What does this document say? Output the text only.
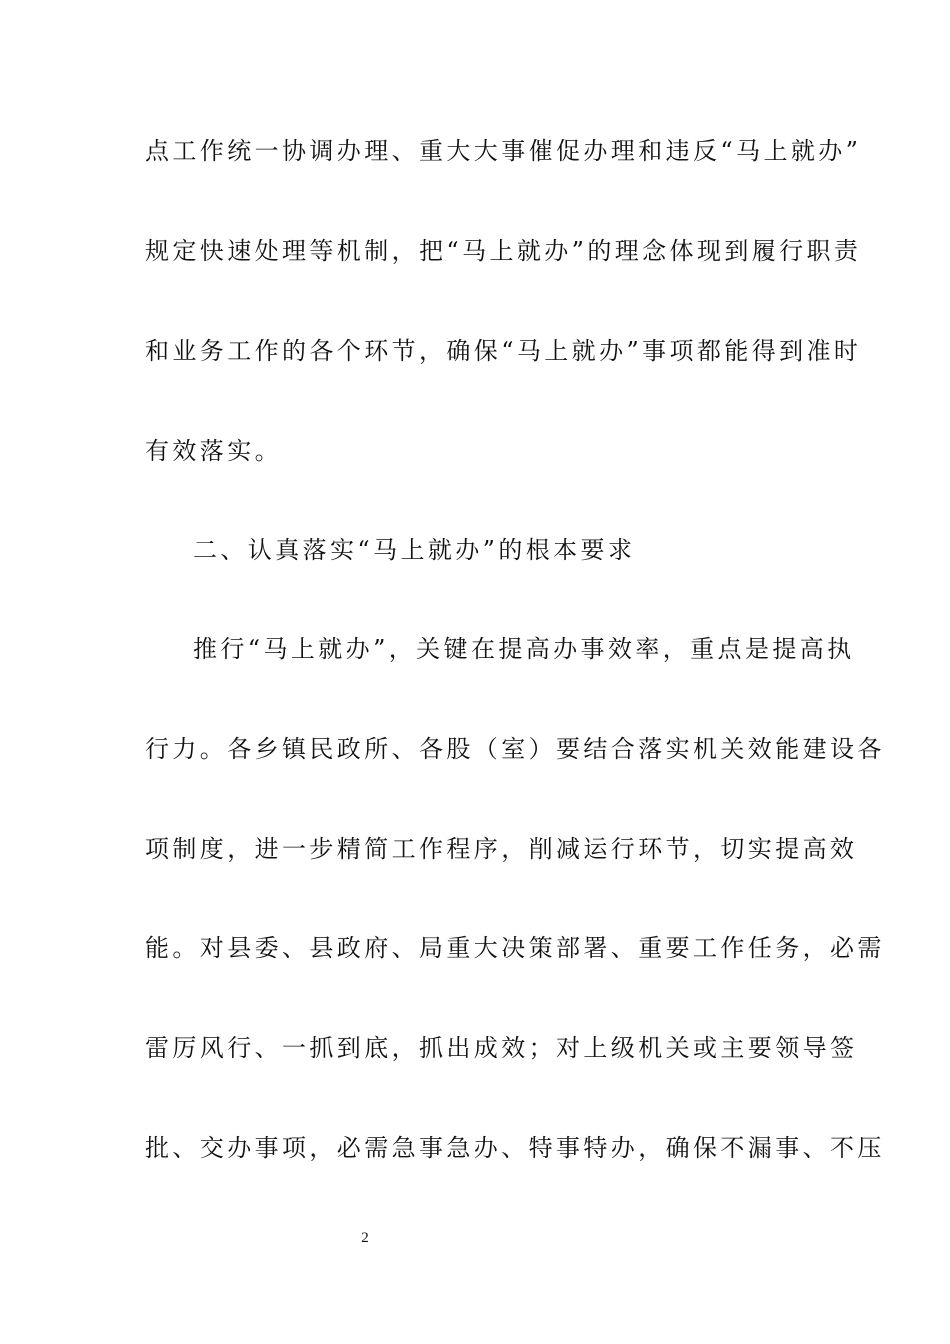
点工作统一协调办理、重大大事催促办理和违反“马上就办”
规定快速处理等机制，把“马上就办”的理念体现到履行职责
和业务工作的各个环节，确保“马上就办”事项都能得到准时
有效落实。
二、认真落实“马上就办”的根本要求
推行“马上就办”，关键在提高办事效率，重点是提高执
行力。各乡镇民政所、各股（室）要结合落实机关效能建设各
项制度，进一步精简工作程序，削减运行环节，切实提高效
能。对县委、县政府、局重大决策部署、重要工作任务，必需
雷厉风行、一抓到底，抓出成效；对上级机关或主要领导签
批、交办事项，必需急事急办、特事特办，确保不漏事、不压
2
